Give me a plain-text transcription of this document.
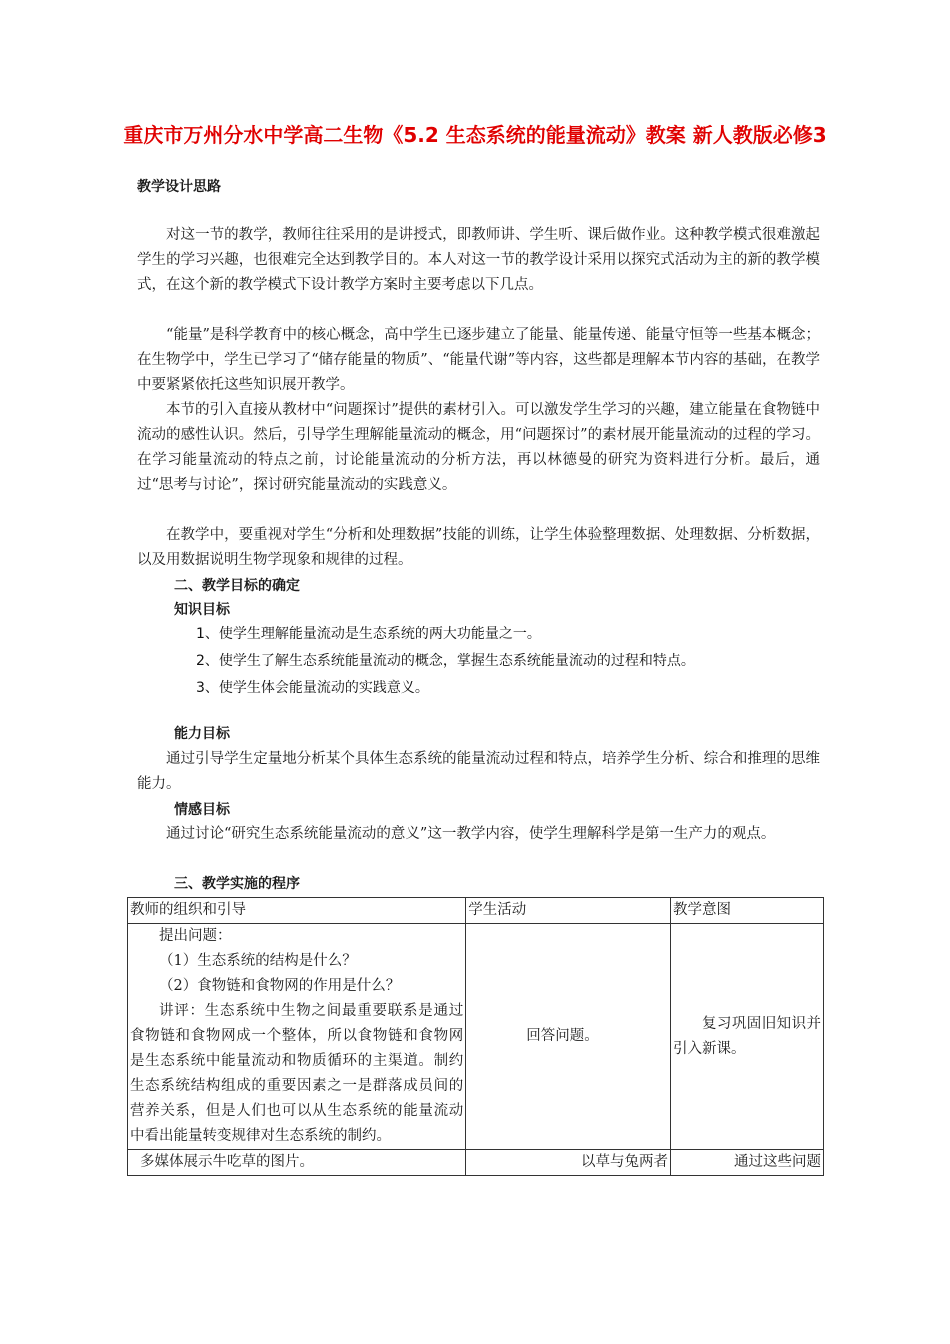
重庆市万州分水中学高二生物《5.2 生态系统的能量流动》教案 新人教版必修3
教学设计思路

对这一节的教学，教师往往采用的是讲授式，即教师讲、学生听、课后做作业。这种教学模式很难激起学生的学习兴趣，也很难完全达到教学目的。本人对这一节的教学设计采用以探究式活动为主的新的教学模式，在这个新的教学模式下设计教学方案时主要考虑以下几点。

“能量”是科学教育中的核心概念，高中学生已逐步建立了能量、能量传递、能量守恒等一些基本概念；在生物学中，学生已学习了“储存能量的物质”、“能量代谢”等内容，这些都是理解本节内容的基础，在教学中要紧紧依托这些知识展开教学。

本节的引入直接从教材中“问题探讨”提供的素材引入。可以激发学生学习的兴趣，建立能量在食物链中流动的感性认识。然后，引导学生理解能量流动的概念，用“问题探讨”的素材展开能量流动的过程的学习。在学习能量流动的特点之前，讨论能量流动的分析方法，再以林德曼的研究为资料进行分析。最后，通过“思考与讨论”，探讨研究能量流动的实践意义。

在教学中，要重视对学生“分析和处理数据”技能的训练，让学生体验整理数据、处理数据、分析数据，以及用数据说明生物学现象和规律的过程。

二、教学目标的确定
知识目标
1、使学生理解能量流动是生态系统的两大功能量之一。
2、使学生了解生态系统能量流动的概念，掌握生态系统能量流动的过程和特点。
3、使学生体会能量流动的实践意义。
能力目标

通过引导学生定量地分析某个具体生态系统的能量流动过程和特点，培养学生分析、综合和推理的思维能力。

情感目标

通过讨论“研究生态系统能量流动的意义”这一教学内容，使学生理解科学是第一生产力的观点。

三、教学实施的程序
教师的组织和引导	学生活动	教学意图

提出问题：

（1）生态系统的结构是什么？

（2）食物链和食物网的作用是什么？

讲评：生态系统中生物之间最重要联系是通过食物链和食物网成一个整体，所以食物链和食物网是生态系统中能量流动和物质循环的主渠道。制约生态系统结构组成的重要因素之一是群落成员间的营养关系，但是人们也可以从生态系统的能量流动中看出能量转变规律对生态系统的制约。	回答问题。	复习巩固旧知识并引入新课。

多媒体展示牛吃草的图片。	以草与兔两者	通过这些问题
